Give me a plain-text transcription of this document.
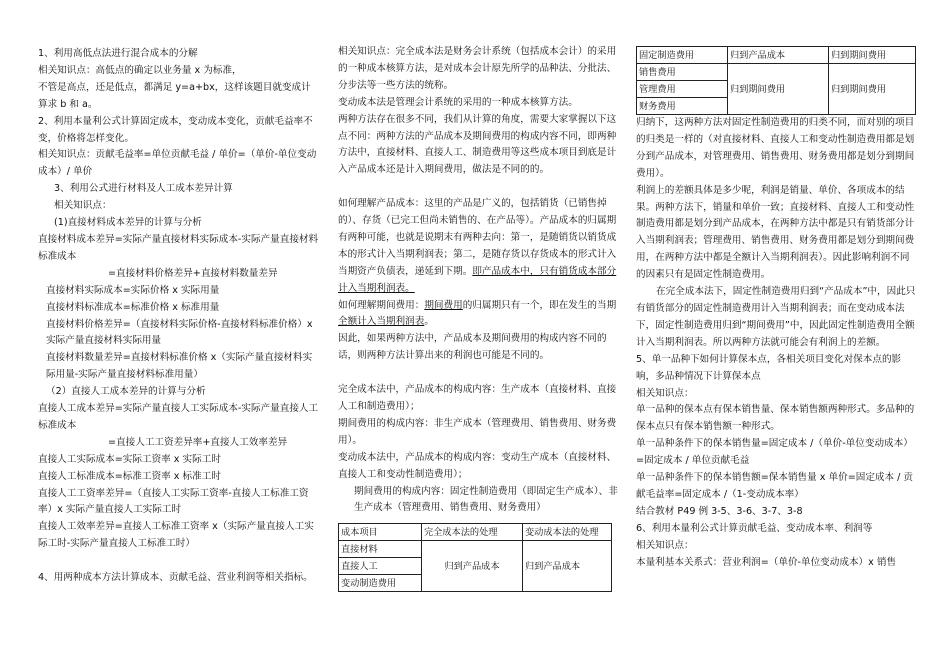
1、利用高低点法进行混合成本的分解

相关知识点：高低点的确定以业务量 x 为标准，

不管是高点，还是低点，都满足 y=a+bx，这样该题目就变成计算求 b 和 a。

2、利用本量利公式计算固定成本，变动成本变化，贡献毛益率不变，价格将怎样变化。

相关知识点：贡献毛益率=单位贡献毛益 / 单价=（单价-单位变动成本）/ 单价

3、利用公式进行材料及人工成本差异计算

相关知识点：

(1)直接材料成本差异的计算与分析

直接材料成本差异=实际产量直接材料实际成本-实际产量直接材料标准成本

=直接材料价格差异+直接材料数量差异

直接材料实际成本=实际价格 x 实际用量

直接材料标准成本=标准价格 x 标准用量

直接材料价格差异=（直接材料实际价格-直接材料标准价格）x 实际产量直接材料实际用量

直接材料数量差异=直接材料标准价格 x（实际产量直接材料实际用量-实际产量直接材料标准用量）

（2）直接人工成本差异的计算与分析

直接人工成本差异=实际产量直接人工实际成本-实际产量直接人工标准成本

=直接人工工资差异率+直接人工效率差异

直接人工实际成本=实际工资率 x 实际工时

直接人工标准成本=标准工资率 x 标准工时

直接人工工资率差异=（直接人工实际工资率-直接人工标准工资率）x 实际产量直接人工实际工时

直接人工效率差异=直接人工标准工资率 x（实际产量直接人工实际工时-实际产量直接人工标准工时）

4、用两种成本方法计算成本、贡献毛益、营业利润等相关指标。

相关知识点：完全成本法是财务会计系统（包括成本会计）的采用的一种成本核算方法，是对成本会计原先所学的品种法、分批法、分步法等一些方法的统称。

变动成本法是管理会计系统的采用的一种成本核算方法。

两种方法存在很多不同，我们从计算的角度，需要大家掌握以下这点不同：两种方法的产品成本及期间费用的构成内容不同，即两种方法中，直接材料、直接人工、制造费用等这些成本项目到底是计入产品成本还是计入期间费用，做法是不同的的。

如何理解产品成本：这里的产品是广义的，包括销货（已销售掉的）、存货（已完工但尚未销售的、在产品等）。产品成本的归属期有两种可能，也就是说期末有两种去向：第一，是随销货以销货成本的形式计入当期利润表；第二，是随存货以存货成本的形式计入当期资产负债表，递延到下期。即产品成本中，只有销货成本部分计入当期利润表。

如何理解期间费用：期间费用的归属期只有一个，即在发生的当期全额计入当期利润表。

因此，如果两种方法中，产品成本及期间费用的构成内容不同的话，则两种方法计算出来的利润也可能是不同的。

完全成本法中，产品成本的构成内容：生产成本（直接材料、直接人工和制造费用）；

期间费用的构成内容：非生产成本（管理费用、销售费用、财务费用）。

变动成本法中，产品成本的构成内容：变动生产成本（直接材料、直接人工和变动性制造费用）；

期间费用的构成内容：固定性制造费用（即固定生产成本）、非生产成本（管理费用、销售费用、财务费用）

成本项目	完全成本法的处理	变动成本法的处理
直接材料	归到产品成本	归到产品成本
直接人工		
变动制造费用		
固定制造费用	归到产品成本	归到期间费用
销售费用	归到期间费用	归到期间费用
管理费用		
财务费用		

归纳下，这两种方法对固定性制造费用的归类不同，而对别的项目的归类是一样的（对直接材料、直接人工和变动性制造费用都是划分到产品成本，对管理费用、销售费用、财务费用都是划分到期间费用）。

利润上的差额具体是多少呢，利润是销量、单价、各项成本的结果。两种方法下，销量和单价一致；直接材料、直接人工和变动性制造费用都是划分到产品成本，在两种方法中都是只有销货部分计入当期利润表；管理费用、销售费用、财务费用都是划分到期间费用，在两种方法中都是全额计入当期利润表）。因此影响利润不同的因素只有是固定性制造费用。

在完全成本法下，固定性制造费用归到“产品成本”中，因此只有销货部分的固定性制造费用计入当期利润表；而在变动成本法下，固定性制造费用归到“期间费用”中，因此固定性制造费用全额计入当期利润表。所以两种方法就可能会有利润上的差额。

5、单一品种下如何计算保本点，各相关项目变化对保本点的影响，多品种情况下计算保本点

相关知识点：

单一品种的保本点有保本销售量、保本销售额两种形式。多品种的保本点只有保本销售额一种形式。

单一品种条件下的保本销售量=固定成本 /（单价-单位变动成本）=固定成本 / 单位贡献毛益

单一品种条件下的保本销售额=保本销售量 x 单价=固定成本 / 贡献毛益率=固定成本 /（1-变动成本率）

结合教材 P49 例 3-5、3-6、3-7、3-8

6、利用本量利公式计算贡献毛益、变动成本率、利润等

相关知识点：

本量利基本关系式：营业利润=（单价-单位变动成本）x 销售
